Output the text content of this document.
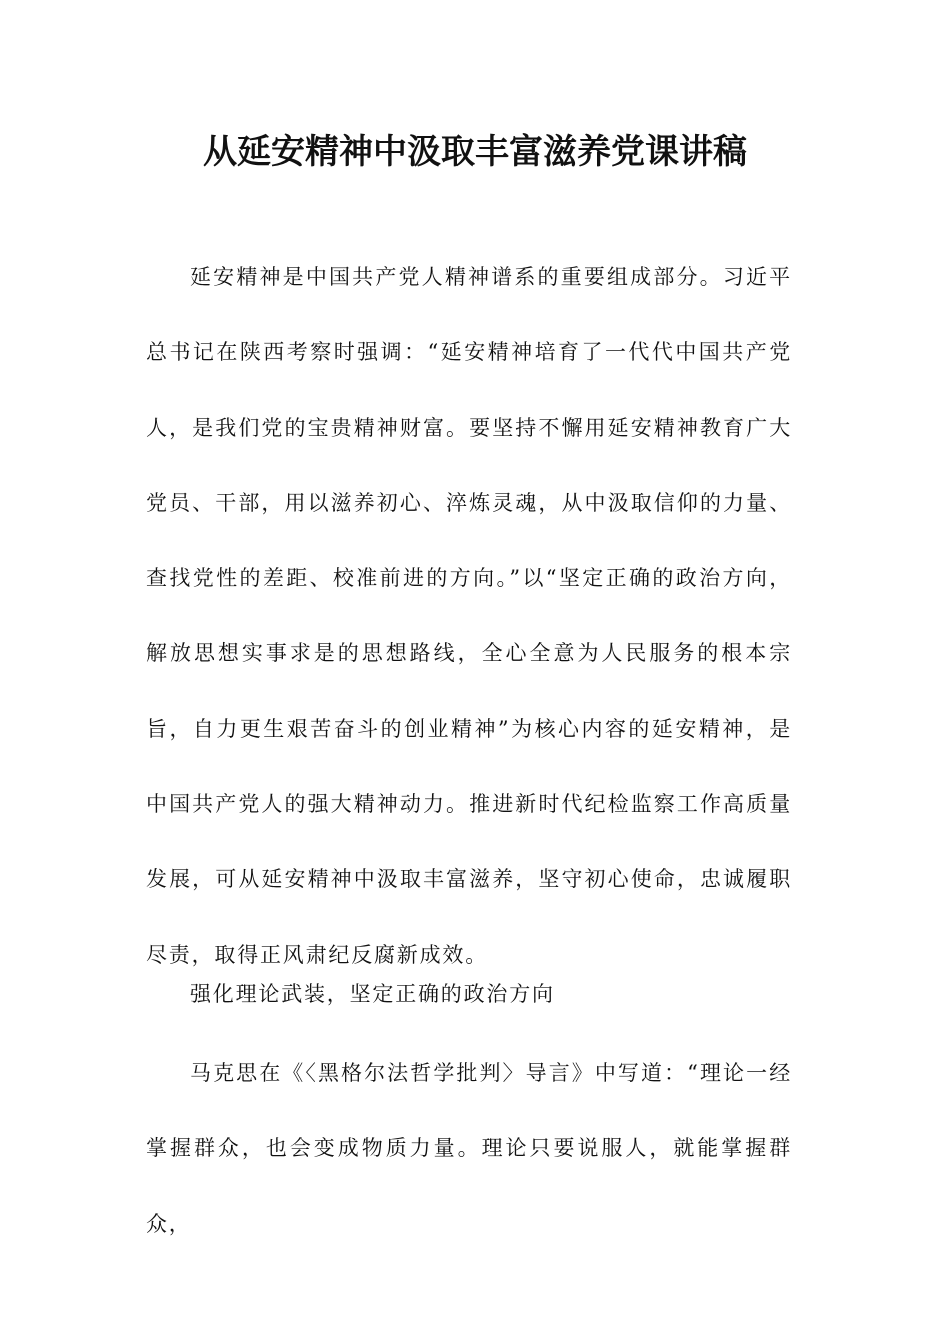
从延安精神中汲取丰富滋养党课讲稿

延安精神是中国共产党人精神谱系的重要组成部分。习近平总书记在陕西考察时强调：“延安精神培育了一代代中国共产党人，是我们党的宝贵精神财富。要坚持不懈用延安精神教育广大党员、干部，用以滋养初心、淬炼灵魂，从中汲取信仰的力量、查找党性的差距、校准前进的方向。”以“坚定正确的政治方向，解放思想实事求是的思想路线，全心全意为人民服务的根本宗旨，自力更生艰苦奋斗的创业精神”为核心内容的延安精神，是中国共产党人的强大精神动力。推进新时代纪检监察工作高质量发展，可从延安精神中汲取丰富滋养，坚守初心使命，忠诚履职尽责，取得正风肃纪反腐新成效。

强化理论武装，坚定正确的政治方向

马克思在《〈黑格尔法哲学批判〉导言》中写道：“理论一经掌握群众，也会变成物质力量。理论只要说服人，就能掌握群众，
